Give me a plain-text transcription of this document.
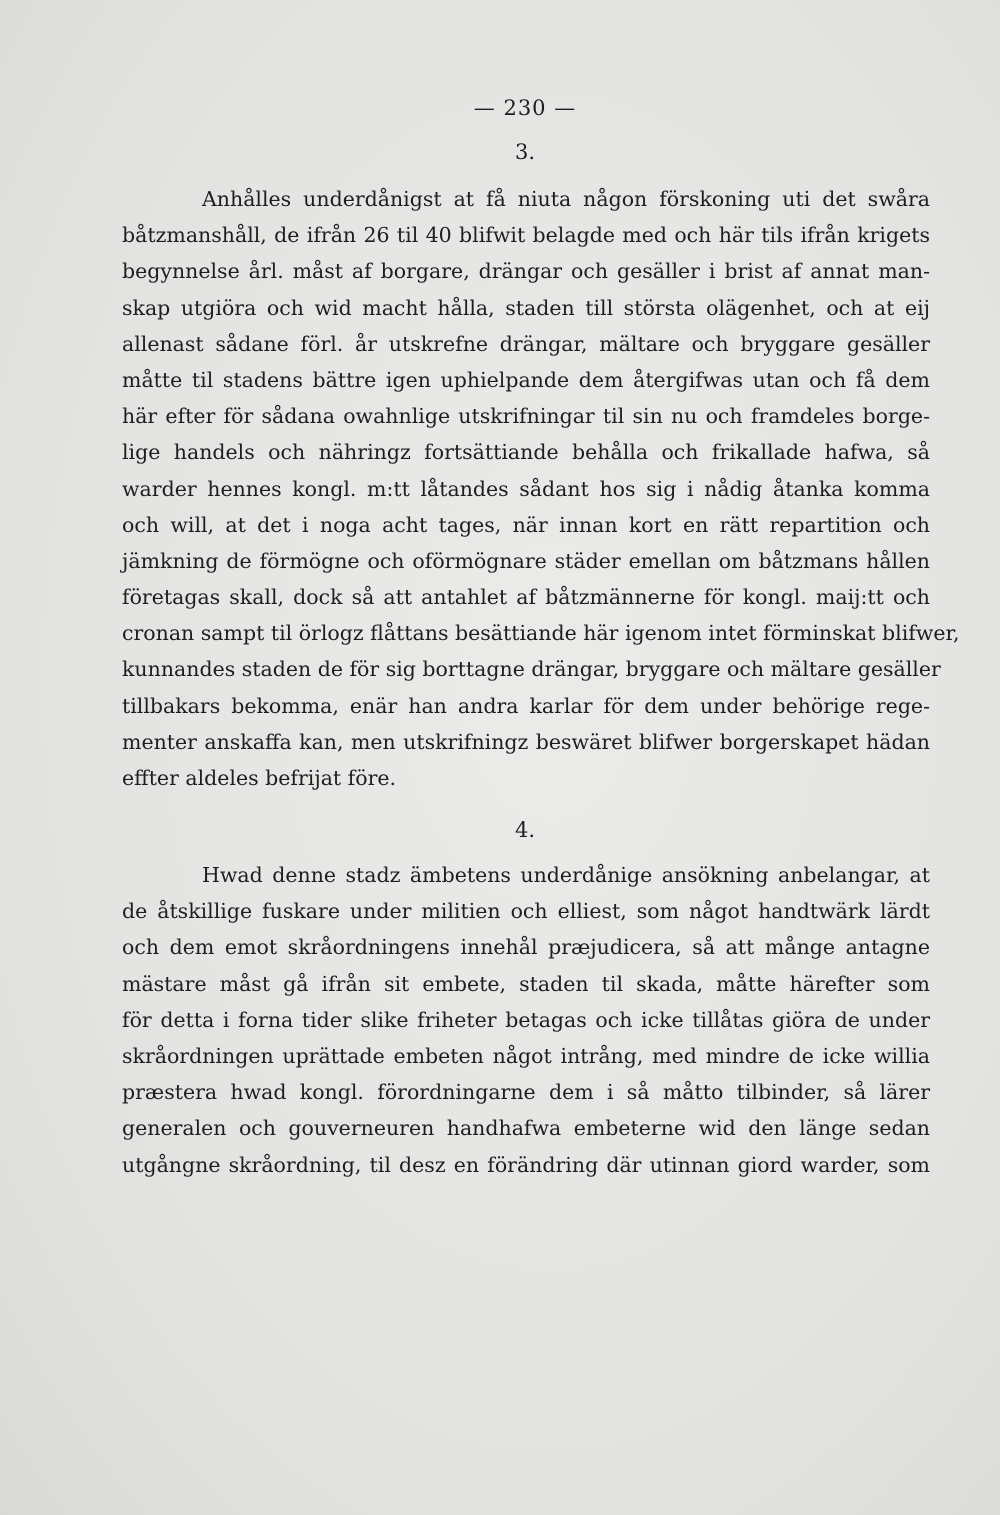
— 230 —
3.

Anhålles underdånigst at få niuta någon förskoning uti det swåra
båtzmanshåll, de ifrån 26 til 40 blifwit belagde med och här tils ifrån krigets
begynnelse årl. måst af borgare, drängar och gesäller i brist af annat man-
skap utgiöra och wid macht hålla, staden till största olägenhet, och at eij
allenast sådane förl. år utskrefne drängar, mältare och bryggare gesäller
måtte til stadens bättre igen uphielpande dem återgifwas utan och få dem
här efter för sådana owahnlige utskrifningar til sin nu och framdeles borge-
lige handels och nähringz fortsättiande behålla och frikallade hafwa, så
warder hennes kongl. m:tt låtandes sådant hos sig i nådig åtanka komma
och will, at det i noga acht tages, när innan kort en rätt repartition och
jämkning de förmögne och oförmögnare städer emellan om båtzmans hållen
företagas skall, dock så att antahlet af båtzmännerne för kongl. maij:tt och
cronan sampt til örlogz flåttans besättiande här igenom intet förminskat blifwer,
kunnandes staden de för sig borttagne drängar, bryggare och mältare gesäller
tillbakars bekomma, enär han andra karlar för dem under behörige rege-
menter anskaffa kan, men utskrifningz beswäret blifwer borgerskapet hädan
effter aldeles befrijat före.

4.

Hwad denne stadz ämbetens underdånige ansökning anbelangar, at
de åtskillige fuskare under militien och elliest, som något handtwärk lärdt
och dem emot skråordningens innehål præjudicera, så att månge antagne
mästare måst gå ifrån sit embete, staden til skada, måtte härefter som
för detta i forna tider slike friheter betagas och icke tillåtas giöra de under
skråordningen uprättade embeten något intrång, med mindre de icke willia
præstera hwad kongl. förordningarne dem i så måtto tilbinder, så lärer
generalen och gouverneuren handhafwa embeterne wid den länge sedan
utgångne skråordning, til desz en förändring där utinnan giord warder, som
